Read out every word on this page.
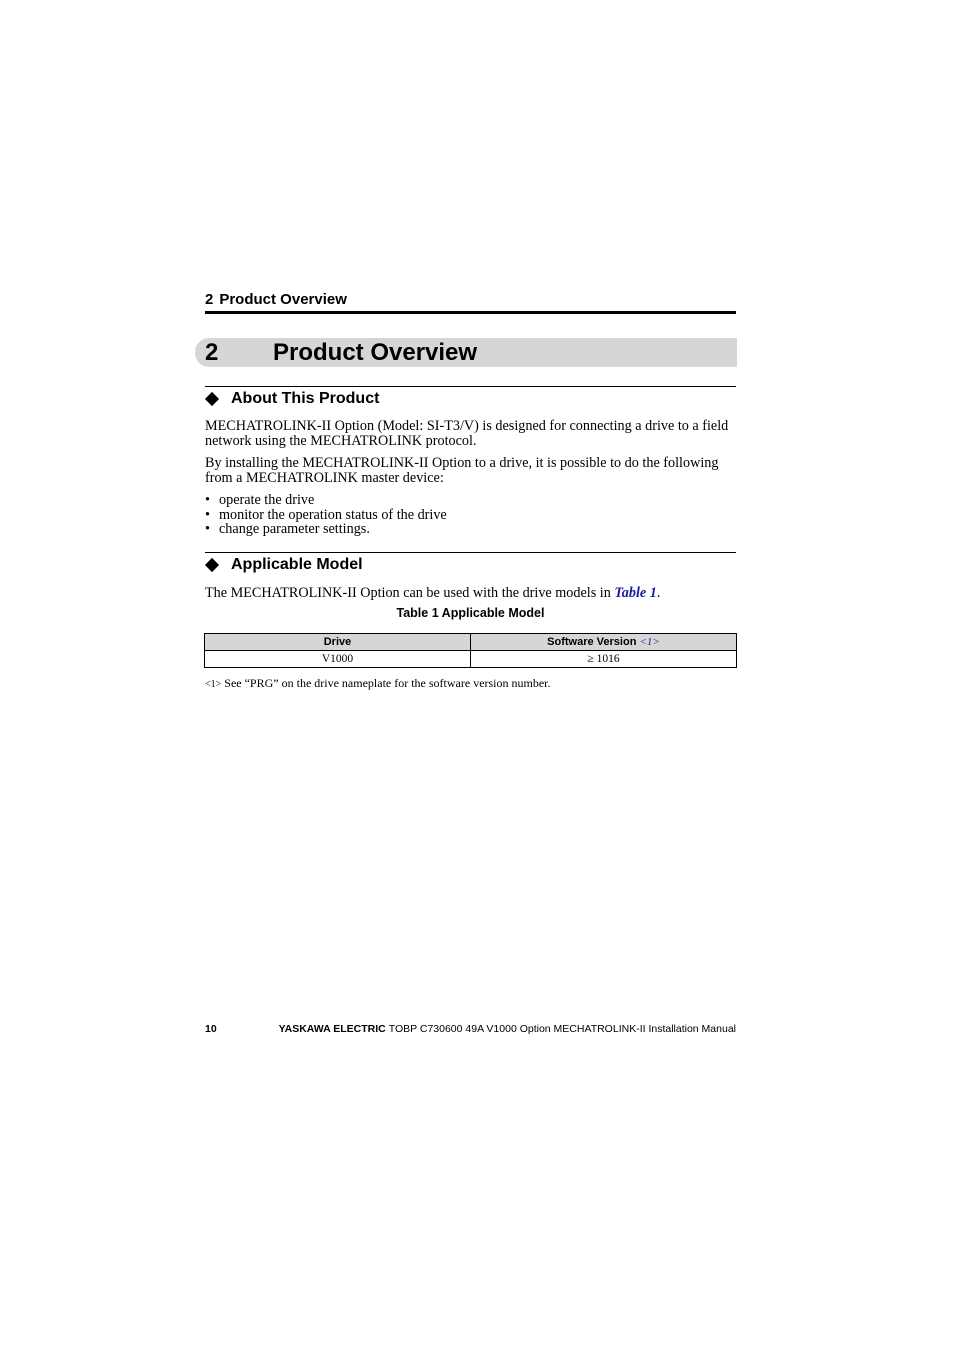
2 Product Overview
2 Product Overview
About This Product
MECHATROLINK-II Option (Model: SI-T3/V) is designed for connecting a drive to a field network using the MECHATROLINK protocol.
By installing the MECHATROLINK-II Option to a drive, it is possible to do the following from a MECHATROLINK master device:
• operate the drive
• monitor the operation status of the drive
• change parameter settings.
Applicable Model
The MECHATROLINK-II Option can be used with the drive models in Table 1.
Table 1 Applicable Model
Drive	Software Version <1>
V1000	≥ 1016
<1> See “PRG” on the drive nameplate for the software version number.
10	YASKAWA ELECTRIC TOBP C730600 49A V1000 Option MECHATROLINK-II Installation Manual
